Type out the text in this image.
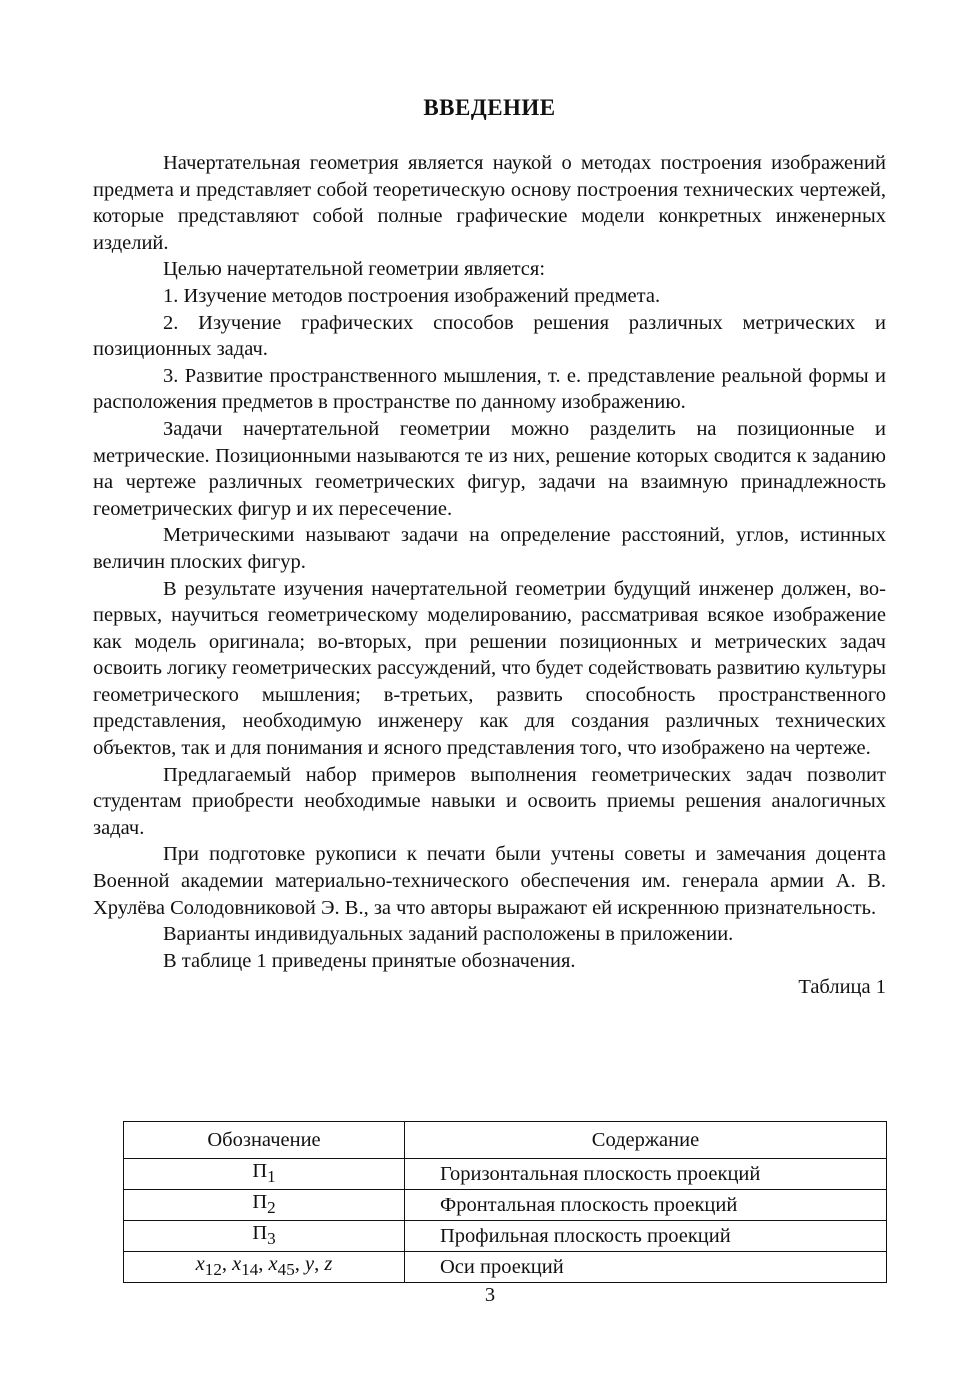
ВВЕДЕНИЕ

Начертательная геометрия является наукой о методах построения изображений предмета и представляет собой теоретическую основу построения технических чертежей, которые представляют собой полные графические модели конкретных инженерных изделий.

Целью начертательной геометрии является:

1. Изучение методов построения изображений предмета.

2. Изучение графических способов решения различных метрических и позиционных задач.

3. Развитие пространственного мышления, т. е. представление реальной формы и расположения предметов в пространстве по данному изображению.

Задачи начертательной геометрии можно разделить на позиционные и метрические. Позиционными называются те из них, решение которых сводится к заданию на чертеже различных геометрических фигур, задачи на взаимную принадлежность геометрических фигур и их пересечение.

Метрическими называют задачи на определение расстояний, углов, истинных величин плоских фигур.

В результате изучения начертательной геометрии будущий инженер должен, во-первых, научиться геометрическому моделированию, рассматривая всякое изображение как модель оригинала; во-вторых, при решении позиционных и метрических задач освоить логику геометрических рассуждений, что будет содействовать развитию культуры геометрического мышления; в-третьих, развить способность пространственного представления, необходимую инженеру как для создания различных технических объектов, так и для понимания и ясного представления того, что изображено на чертеже.

Предлагаемый набор примеров выполнения геометрических задач позволит студентам приобрести необходимые навыки и освоить приемы решения аналогичных задач.

При подготовке рукописи к печати были учтены советы и замечания доцента Военной академии материально-технического обеспечения им. генерала армии А. В. Хрулёва Солодовниковой Э. В., за что авторы выражают ей искреннюю признательность.

Варианты индивидуальных заданий расположены в приложении.

В таблице 1 приведены принятые обозначения.

Таблица 1

Обозначение	Содержание
$П_1$	Горизонтальная плоскость проекций
$П_2$	Фронтальная плоскость проекций
$П_3$	Профильная плоскость проекций
$x_{12}$, $x_{14}$, $x_{45}$, y, z	Оси проекций
3
